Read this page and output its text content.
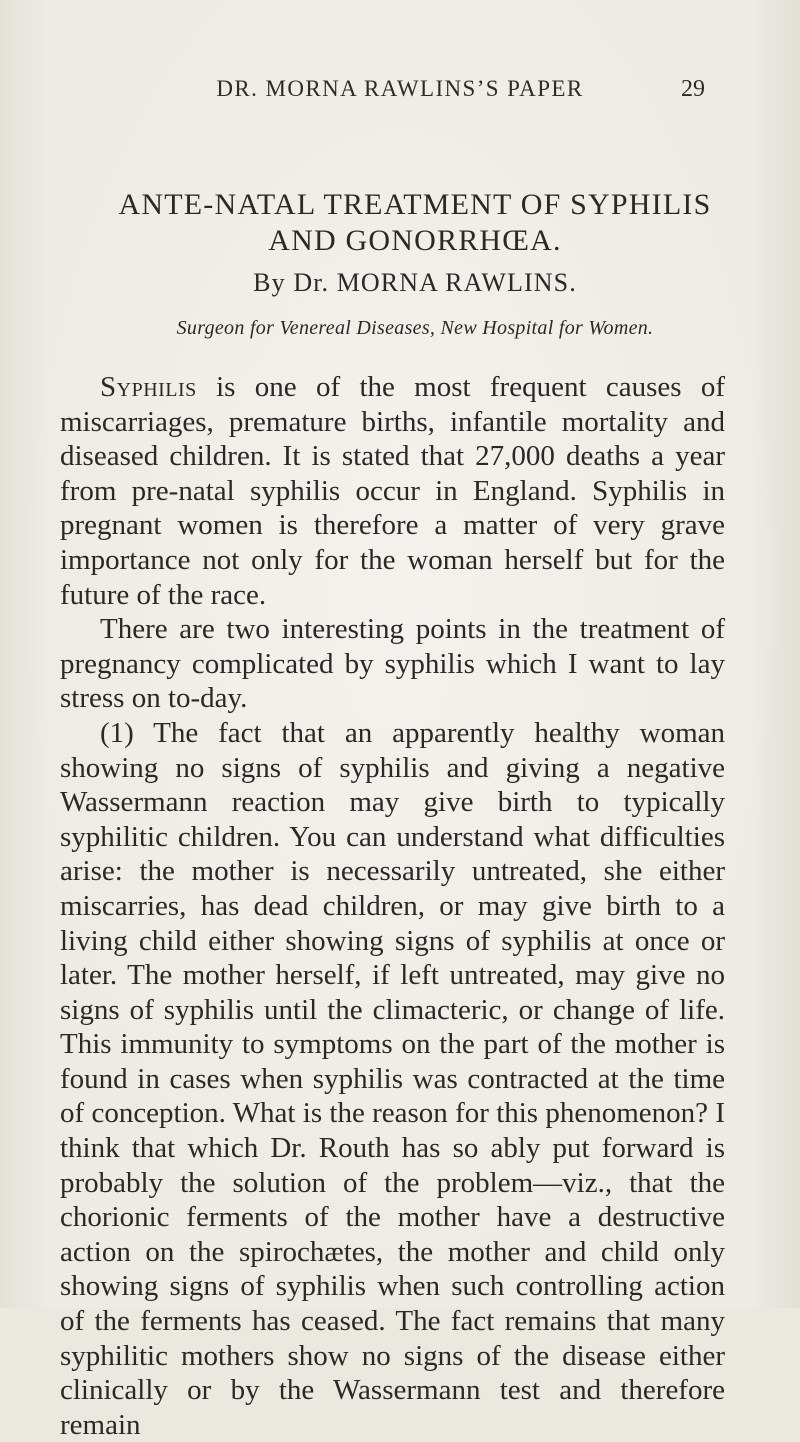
DR. MORNA RAWLINS’S PAPER	29
ANTE-NATAL TREATMENT OF SYPHILIS
AND GONORRHŒA.
By Dr. MORNA RAWLINS.
Surgeon for Venereal Diseases, New Hospital for Women.

Syphilis is one of the most frequent causes of miscarriages, premature births, infantile mortality and diseased children. It is stated that 27,000 deaths a year from pre-natal syphilis occur in England. Syphilis in pregnant women is therefore a matter of very grave importance not only for the woman herself but for the future of the race.

There are two interesting points in the treatment of pregnancy complicated by syphilis which I want to lay stress on to-day.

(1) The fact that an apparently healthy woman showing no signs of syphilis and giving a negative Wassermann reaction may give birth to typically syphilitic children. You can understand what difficulties arise: the mother is necessarily untreated, she either miscarries, has dead children, or may give birth to a living child either showing signs of syphilis at once or later. The mother herself, if left untreated, may give no signs of syphilis until the climacteric, or change of life. This immunity to symptoms on the part of the mother is found in cases when syphilis was contracted at the time of conception. What is the reason for this phenomenon? I think that which Dr. Routh has so ably put forward is probably the solution of the problem—viz., that the chorionic ferments of the mother have a destructive action on the spirochætes, the mother and child only showing signs of syphilis when such controlling action of the ferments has ceased. The fact remains that many syphilitic mothers show no signs of the disease either clinically or by the Wassermann test and therefore remain
